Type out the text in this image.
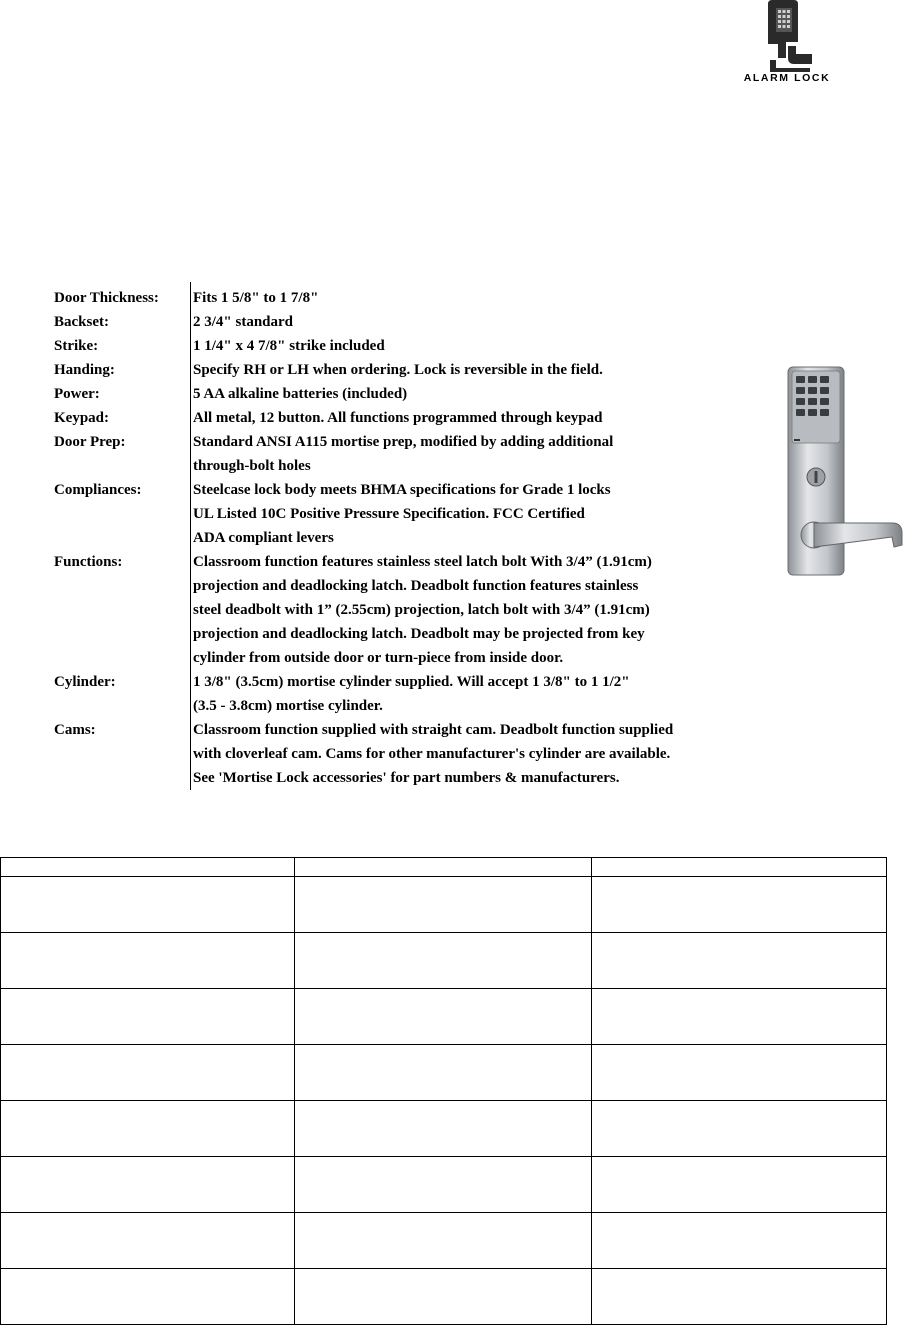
ALARM LOCK
Door Thickness:	Fits 1 5/8" to 1 7/8"
Backset:	2 3/4" standard
Strike:	1 1/4" x 4 7/8" strike included
Handing:	Specify RH or LH when ordering. Lock is reversible in the field.
Power:	5 AA alkaline batteries (included)
Keypad:	All metal, 12 button. All functions programmed through keypad
Door Prep:	Standard ANSI A115 mortise prep, modified by adding additional
through-bolt holes
Compliances:	Steelcase lock body meets BHMA specifications for Grade 1 locks
UL Listed 10C Positive Pressure Specification. FCC Certified
ADA compliant levers
Functions:	Classroom function features stainless steel latch bolt With 3/4” (1.91cm)
projection and deadlocking latch. Deadbolt function features stainless
steel deadbolt with 1” (2.55cm) projection, latch bolt with 3/4” (1.91cm)
projection and deadlocking latch. Deadbolt may be projected from key
cylinder from outside door or turn-piece from inside door.
Cylinder:	1 3/8" (3.5cm) mortise cylinder supplied. Will accept 1 3/8" to 1 1/2"
(3.5 - 3.8cm) mortise cylinder.
Cams:	Classroom function supplied with straight cam. Deadbolt function supplied
with cloverleaf cam. Cams for other manufacturer's cylinder are available.
See 'Mortise Lock accessories' for part numbers & manufacturers.
